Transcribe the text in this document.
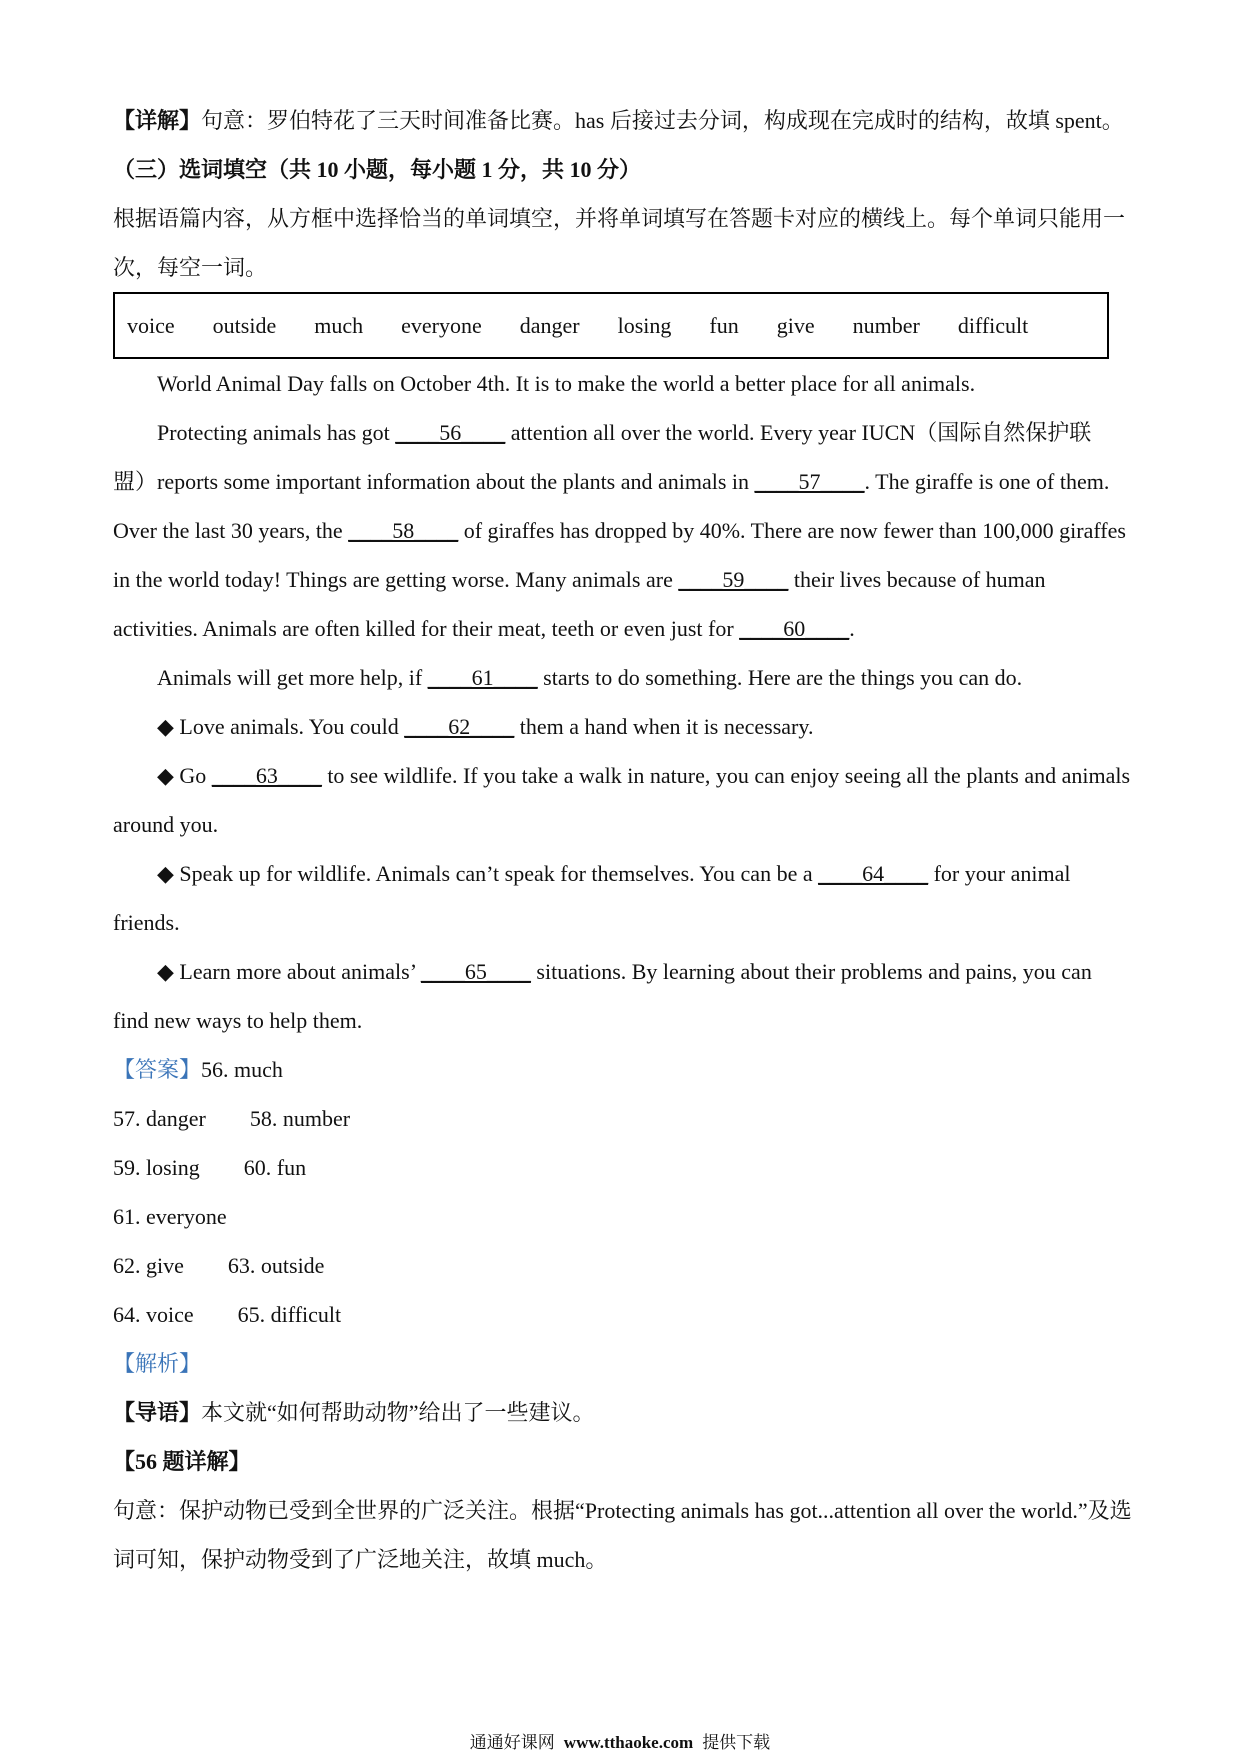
【详解】句意：罗伯特花了三天时间准备比赛。has 后接过去分词，构成现在完成时的结构，故填 spent。
（三）选词填空（共 10 小题，每小题 1 分，共 10 分）
根据语篇内容，从方框中选择恰当的单词填空，并将单词填写在答题卡对应的横线上。每个单词只能用一
次，每空一词。
voice outside much everyone danger losing fun give number difficult
World Animal Day falls on October 4th. It is to make the world a better place for all animals.
Protecting animals has got ____56____ attention all over the world. Every year IUCN（国际自然保护联
盟）reports some important information about the plants and animals in ____57____. The giraffe is one of them.
Over the last 30 years, the ____58____ of giraffes has dropped by 40%. There are now fewer than 100,000 giraffes
in the world today! Things are getting worse. Many animals are ____59____ their lives because of human
activities. Animals are often killed for their meat, teeth or even just for ____60____.
Animals will get more help, if ____61____ starts to do something. Here are the things you can do.
◆ Love animals. You could ____62____ them a hand when it is necessary.
◆ Go ____63____ to see wildlife. If you take a walk in nature, you can enjoy seeing all the plants and animals
around you.
◆ Speak up for wildlife. Animals can’t speak for themselves. You can be a ____64____ for your animal
friends.
◆ Learn more about animals’ ____65____ situations. By learning about their problems and pains, you can
find new ways to help them.
【答案】56. much
57. danger 58. number
59. losing 60. fun
61. everyone
62. give 63. outside
64. voice 65. difficult
【解析】
【导语】本文就“如何帮助动物”给出了一些建议。
【56 题详解】
句意：保护动物已受到全世界的广泛关注。根据“Protecting animals has got...attention all over the world.”及选
词可知，保护动物受到了广泛地关注，故填 much。
通通好课网 www.tthaoke.com 提供下载
